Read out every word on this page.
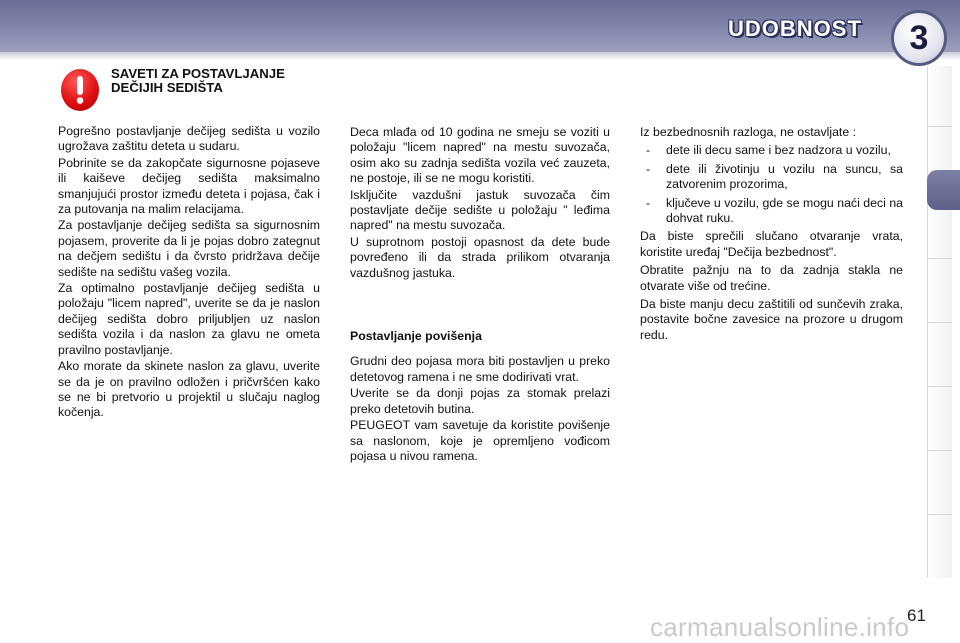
UDOBNOST 3
SAVETI ZA POSTAVLJANJE
DEČIJIH SEDIŠTA

Pogrešno postavljanje dečijeg sedišta u vozilo ugrožava zaštitu deteta u sudaru.

Pobrinite se da zakopčate sigurnosne pojaseve ili kaiševe dečijeg sedišta maksimalno smanjujući prostor između deteta i pojasa, čak i za putovanja na malim relacijama.

Za postavljanje dečijeg sedišta sa sigurnosnim pojasem, proverite da li je pojas dobro zategnut na dečjem sedištu i da čvrsto pridržava dečije sedište na sedištu vašeg vozila.

Za optimalno postavljanje dečijeg sedišta u položaju "licem napred", uverite se da je naslon dečijeg sedišta dobro priljubljen uz naslon sedišta vozila i da naslon za glavu ne ometa pravilno postavljanje.

Ako morate da skinete naslon za glavu, uverite se da je on pravilno odložen i pričvršćen kako se ne bi pretvorio u projektil u slučaju naglog kočenja.

Deca mlađa od 10 godina ne smeju se voziti u položaju "licem napred" na mestu suvozača, osim ako su zadnja sedišta vozila već zauzeta, ne postoje, ili se ne mogu koristiti.

Isključite vazdušni jastuk suvozača čim postavljate dečije sedište u položaju " leđima napred" na mestu suvozača.

U suprotnom postoji opasnost da dete bude povređeno ili da strada prilikom otvaranja vazdušnog jastuka.

Postavljanje povišenja

Grudni deo pojasa mora biti postavljen u preko detetovog ramena i ne sme dodirivati vrat.

Uverite se da donji pojas za stomak prelazi preko detetovih butina.

PEUGEOT vam savetuje da koristite povišenje sa naslonom, koje je opremljeno vođicom pojasa u nivou ramena.

Iz bezbednosnih razloga, ne ostavljate :

- dete ili decu same i bez nadzora u vozilu,
- dete ili životinju u vozilu na suncu, sa zatvorenim prozorima,
- ključeve u vozilu, gde se mogu naći deci na dohvat ruku.

Da biste sprečili slučano otvaranje vrata, koristite uređaj "Dečija bezbednost".

Obratite pažnju na to da zadnja stakla ne otvarate više od trećine.

Da biste manju decu zaštitili od sunčevih zraka, postavite bočne zavesice na prozore u drugom redu.

carmanualsonline.info
61
